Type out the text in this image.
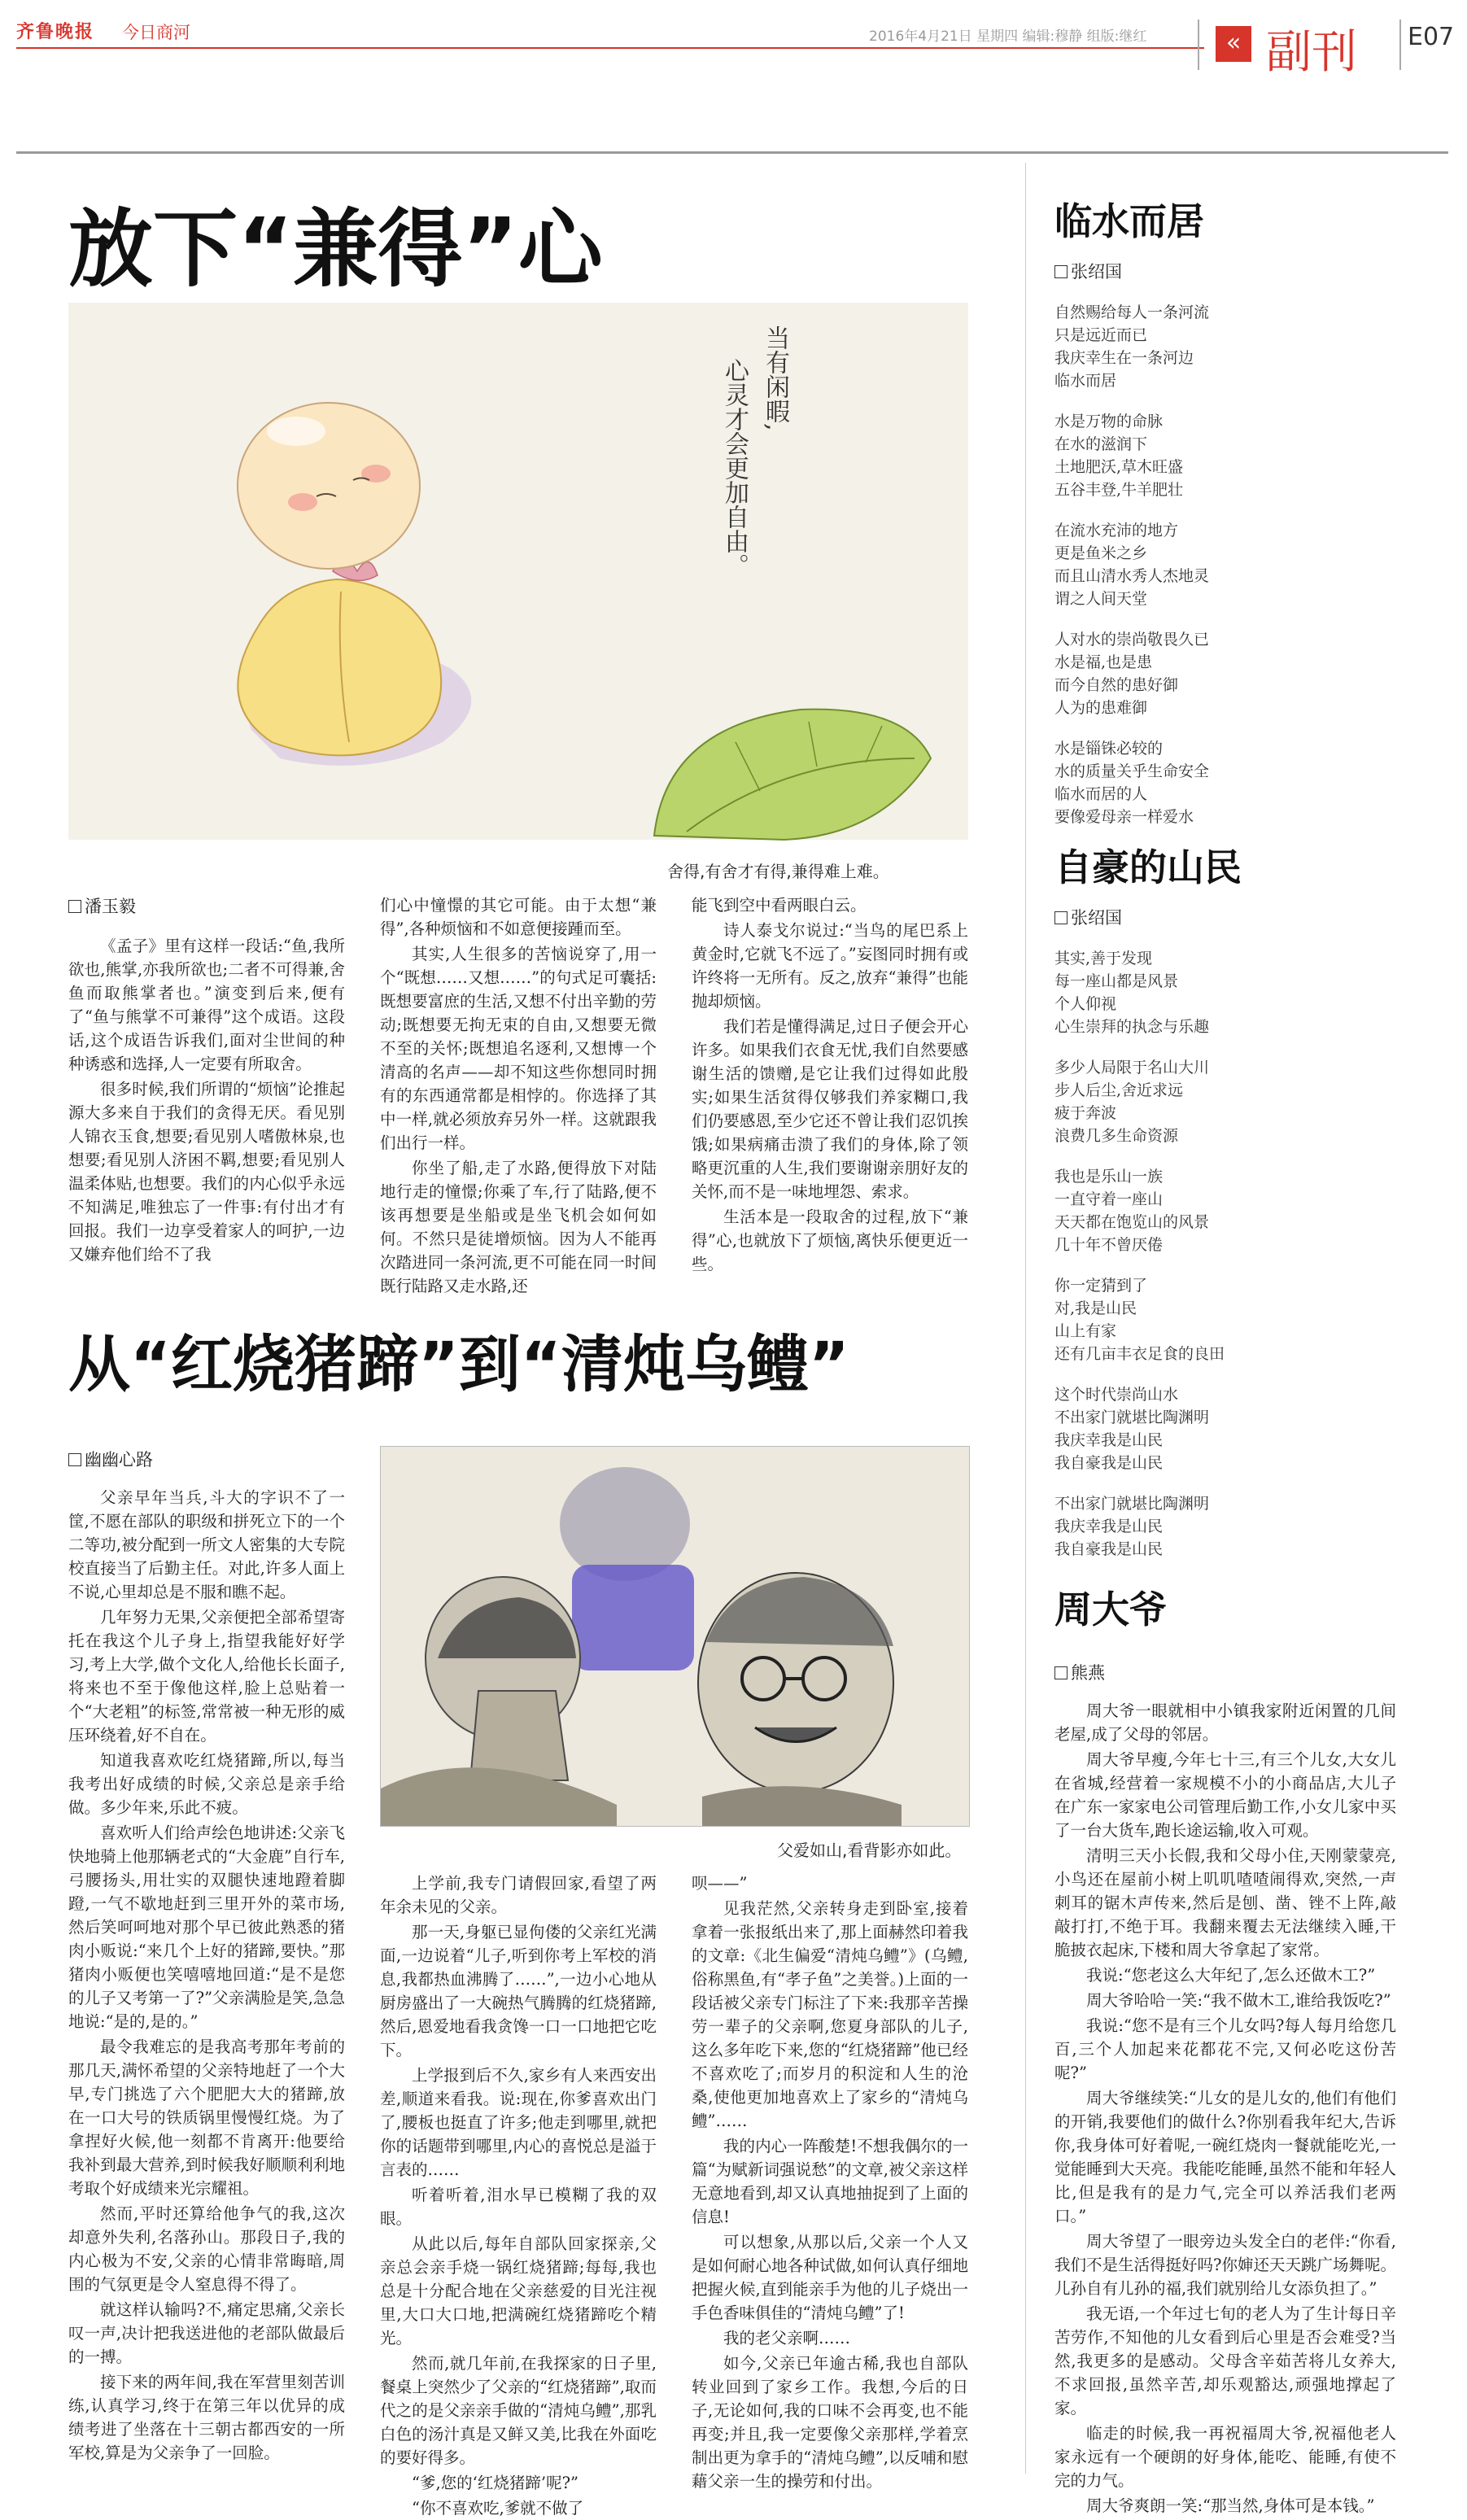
齐鲁晚报 今日商河	2016年4月21日 星期四 编辑:穆静 组版:继红	« 副刊 E07
放下“兼得”心
当有闲暇,
心灵才会更加自由。
舍得,有舍才有得,兼得难上难。
潘玉毅

《孟子》里有这样一段话:“鱼,我所欲也,熊掌,亦我所欲也;二者不可得兼,舍鱼而取熊掌者也。”演变到后来,便有了“鱼与熊掌不可兼得”这个成语。这段话,这个成语告诉我们,面对尘世间的种种诱惑和选择,人一定要有所取舍。

很多时候,我们所谓的“烦恼”论推起源大多来自于我们的贪得无厌。看见别人锦衣玉食,想要;看见别人嗜傲林泉,也想要;看见别人济困不羁,想要;看见别人温柔体贴,也想要。我们的内心似乎永远不知满足,唯独忘了一件事:有付出才有回报。我们一边享受着家人的呵护,一边又嫌弃他们给不了我

们心中憧憬的其它可能。由于太想“兼得”,各种烦恼和不如意便接踵而至。

其实,人生很多的苦恼说穿了,用一个“既想……又想……”的句式足可囊括:既想要富庶的生活,又想不付出辛勤的劳动;既想要无拘无束的自由,又想要无微不至的关怀;既想追名逐利,又想博一个清高的名声——却不知这些你想同时拥有的东西通常都是相悖的。你选择了其中一样,就必须放弃另外一样。这就跟我们出行一样。

你坐了船,走了水路,便得放下对陆地行走的憧憬;你乘了车,行了陆路,便不该再想要是坐船或是坐飞机会如何如何。不然只是徒增烦恼。因为人不能再次踏进同一条河流,更不可能在同一时间既行陆路又走水路,还

能飞到空中看两眼白云。

诗人泰戈尔说过:“当鸟的尾巴系上黄金时,它就飞不远了。”妄图同时拥有或许终将一无所有。反之,放弃“兼得”也能抛却烦恼。

我们若是懂得满足,过日子便会开心许多。如果我们衣食无忧,我们自然要感谢生活的馈赠,是它让我们过得如此殷实;如果生活贫得仅够我们养家糊口,我们仍要感恩,至少它还不曾让我们忍饥挨饿;如果病痛击溃了我们的身体,除了领略更沉重的人生,我们要谢谢亲朋好友的关怀,而不是一味地埋怨、索求。

生活本是一段取舍的过程,放下“兼得”心,也就放下了烦恼,离快乐便更近一些。

从“红烧猪蹄”到“清炖乌鳢”
幽幽心路

父亲早年当兵,斗大的字识不了一筐,不愿在部队的职级和拼死立下的一个二等功,被分配到一所文人密集的大专院校直接当了后勤主任。对此,许多人面上不说,心里却总是不服和瞧不起。

几年努力无果,父亲便把全部希望寄托在我这个儿子身上,指望我能好好学习,考上大学,做个文化人,给他长长面子,将来也不至于像他这样,脸上总贴着一个“大老粗”的标签,常常被一种无形的威压环绕着,好不自在。

知道我喜欢吃红烧猪蹄,所以,每当我考出好成绩的时候,父亲总是亲手给做。多少年来,乐此不疲。

喜欢听人们给声绘色地讲述:父亲飞快地骑上他那辆老式的“大金鹿”自行车,弓腰扬头,用壮实的双腿快速地蹬着脚蹬,一气不歇地赶到三里开外的菜市场,然后笑呵呵地对那个早已彼此熟悉的猪肉小贩说:“来几个上好的猪蹄,要快。”那猪肉小贩便也笑嘻嘻地回道:“是不是您的儿子又考第一了?”父亲满脸是笑,急急地说:“是的,是的。”

最令我难忘的是我高考那年考前的那几天,满怀希望的父亲特地赶了一个大早,专门挑选了六个肥肥大大的猪蹄,放在一口大号的铁质锅里慢慢红烧。为了拿捏好火候,他一刻都不肯离开:他要给我补到最大营养,到时候我好顺顺利利地考取个好成绩来光宗耀祖。

然而,平时还算给他争气的我,这次却意外失利,名落孙山。那段日子,我的内心极为不安,父亲的心情非常晦暗,周围的气氛更是令人窒息得不得了。

就这样认输吗?不,痛定思痛,父亲长叹一声,决计把我送进他的老部队做最后的一搏。

接下来的两年间,我在军营里刻苦训练,认真学习,终于在第三年以优异的成绩考进了坐落在十三朝古都西安的一所军校,算是为父亲争了一回脸。

父爱如山,看背影亦如此。

上学前,我专门请假回家,看望了两年余未见的父亲。

那一天,身躯已显佝偻的父亲红光满面,一边说着“儿子,听到你考上军校的消息,我都热血沸腾了……”,一边小心地从厨房盛出了一大碗热气腾腾的红烧猪蹄,然后,恩爱地看我贪馋一口一口地把它吃下。

上学报到后不久,家乡有人来西安出差,顺道来看我。说:现在,你爹喜欢出门了,腰板也挺直了许多;他走到哪里,就把你的话题带到哪里,内心的喜悦总是溢于言表的……

听着听着,泪水早已模糊了我的双眼。

从此以后,每年自部队回家探亲,父亲总会亲手烧一锅红烧猪蹄;每每,我也总是十分配合地在父亲慈爱的目光注视里,大口大口地,把满碗红烧猪蹄吃个精光。

然而,就几年前,在我探家的日子里,餐桌上突然少了父亲的“红烧猪蹄”,取而代之的是父亲亲手做的“清炖乌鳢”,那乳白色的汤汁真是又鲜又美,比我在外面吃的要好得多。

“爹,您的‘红烧猪蹄’呢?”

“你不喜欢吃,爹就不做了

呗——”

见我茫然,父亲转身走到卧室,接着拿着一张报纸出来了,那上面赫然印着我的文章:《北生偏爱“清炖乌鳢”》(乌鳢,俗称黑鱼,有“孝子鱼”之美誉。)上面的一段话被父亲专门标注了下来:我那辛苦操劳一辈子的父亲啊,您夏身部队的儿子,这么多年吃下来,您的“红烧猪蹄”他已经不喜欢吃了;而岁月的积淀和人生的沧桑,使他更加地喜欢上了家乡的“清炖乌鳢”……

我的内心一阵酸楚!不想我偶尔的一篇“为赋新词强说愁”的文章,被父亲这样无意地看到,却又认真地抽捉到了上面的信息!

可以想象,从那以后,父亲一个人又是如何耐心地各种试做,如何认真仔细地把握火候,直到能亲手为他的儿子烧出一手色香味俱佳的“清炖乌鳢”了!

我的老父亲啊……

如今,父亲已年逾古稀,我也自部队转业回到了家乡工作。我想,今后的日子,无论如何,我的口味不会再变,也不能再变;并且,我一定要像父亲那样,学着烹制出更为拿手的“清炖乌鳢”,以反哺和慰藉父亲一生的操劳和付出。

临水而居
张绍国
自然赐给每人一条河流
只是远近而已
我庆幸生在一条河边
临水而居
水是万物的命脉
在水的滋润下
土地肥沃,草木旺盛
五谷丰登,牛羊肥壮
在流水充沛的地方
更是鱼米之乡
而且山清水秀人杰地灵
谓之人间天堂
人对水的崇尚敬畏久已
水是福,也是患
而今自然的患好御
人为的患难御
水是锱铢必较的
水的质量关乎生命安全
临水而居的人
要像爱母亲一样爱水
自豪的山民
张绍国
其实,善于发现
每一座山都是风景
个人仰视
心生崇拜的执念与乐趣
多少人局限于名山大川
步人后尘,舍近求远
疲于奔波
浪费几多生命资源
我也是乐山一族
一直守着一座山
天天都在饱览山的风景
几十年不曾厌倦
你一定猜到了
对,我是山民
山上有家
还有几亩丰衣足食的良田
这个时代崇尚山水
不出家门就堪比陶渊明
我庆幸我是山民
我自豪我是山民
不出家门就堪比陶渊明
我庆幸我是山民
我自豪我是山民
周大爷
熊燕

周大爷一眼就相中小镇我家附近闲置的几间老屋,成了父母的邻居。

周大爷早瘦,今年七十三,有三个儿女,大女儿在省城,经营着一家规模不小的小商品店,大儿子在广东一家家电公司管理后勤工作,小女儿家中买了一台大货车,跑长途运输,收入可观。

清明三天小长假,我和父母小住,天刚蒙蒙亮,小鸟还在屋前小树上叽叽喳喳闹得欢,突然,一声刺耳的锯木声传来,然后是刨、凿、锉不上阵,敲敲打打,不绝于耳。我翻来覆去无法继续入睡,干脆披衣起床,下楼和周大爷拿起了家常。

我说:“您老这么大年纪了,怎么还做木工?”

周大爷哈哈一笑:“我不做木工,谁给我饭吃?”

我说:“您不是有三个儿女吗?每人每月给您几百,三个人加起来花都花不完,又何必吃这份苦呢?”

周大爷继续笑:“儿女的是儿女的,他们有他们的开销,我要他们的做什么?你别看我年纪大,告诉你,我身体可好着呢,一碗红烧肉一餐就能吃光,一觉能睡到大天亮。我能吃能睡,虽然不能和年轻人比,但是我有的是力气,完全可以养活我们老两口。”

周大爷望了一眼旁边头发全白的老伴:“你看,我们不是生活得挺好吗?你婶还天天跳广场舞呢。儿孙自有儿孙的福,我们就别给儿女添负担了。”

我无语,一个年过七旬的老人为了生计每日辛苦劳作,不知他的儿女看到后心里是否会难受?当然,我更多的是感动。父母含辛茹苦将儿女养大,不求回报,虽然辛苦,却乐观豁达,顽强地撑起了家。

临走的时候,我一再祝福周大爷,祝福他老人家永远有一个硬朗的好身体,能吃、能睡,有使不完的力气。

周大爷爽朗一笑:“那当然,身体可是本钱。”
